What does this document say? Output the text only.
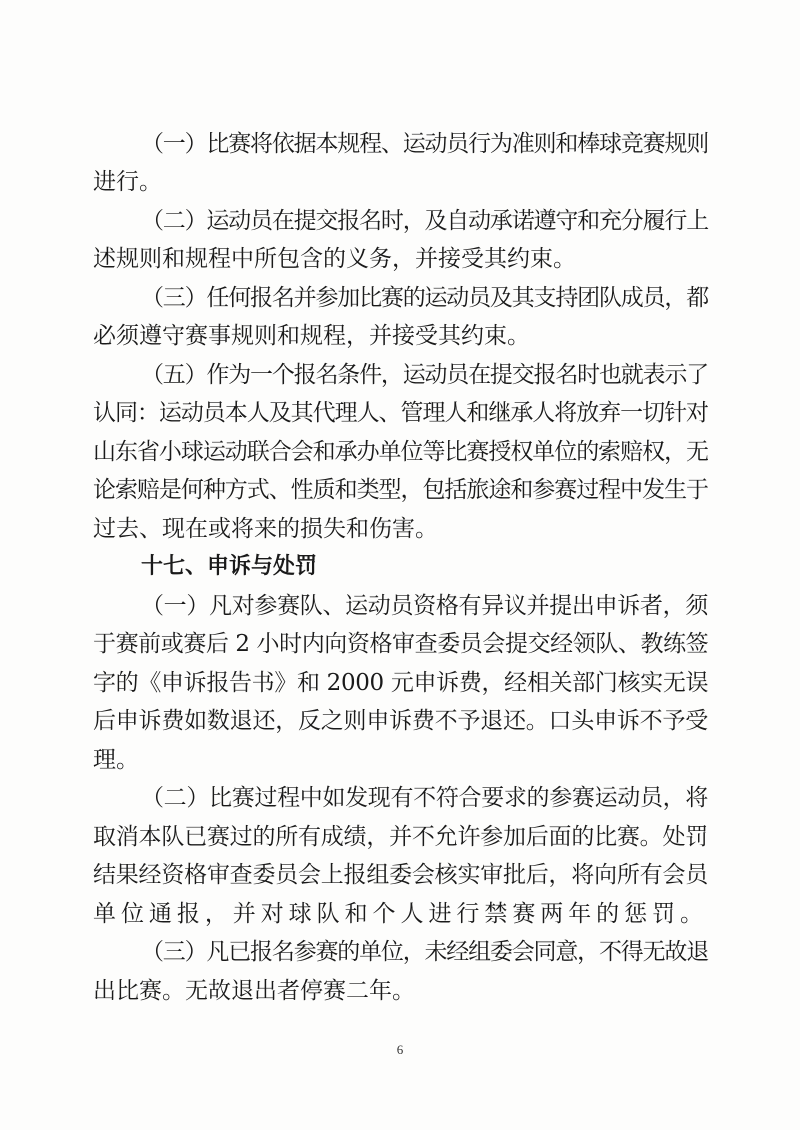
（一）比赛将依据本规程、运动员行为准则和棒球竞赛规则
进行。
（二）运动员在提交报名时，及自动承诺遵守和充分履行上
述规则和规程中所包含的义务，并接受其约束。
（三）任何报名并参加比赛的运动员及其支持团队成员，都
必须遵守赛事规则和规程，并接受其约束。
（五）作为一个报名条件，运动员在提交报名时也就表示了
认同：运动员本人及其代理人、管理人和继承人将放弃一切针对
山东省小球运动联合会和承办单位等比赛授权单位的索赔权，无
论索赔是何种方式、性质和类型，包括旅途和参赛过程中发生于
过去、现在或将来的损失和伤害。
十七、申诉与处罚
（一）凡对参赛队、运动员资格有异议并提出申诉者，须
于赛前或赛后 2 小时内向资格审查委员会提交经领队、教练签
字的《申诉报告书》和 2000 元申诉费，经相关部门核实无误
后申诉费如数退还，反之则申诉费不予退还。口头申诉不予受
理。
（二）比赛过程中如发现有不符合要求的参赛运动员，将
取消本队已赛过的所有成绩，并不允许参加后面的比赛。处罚
结果经资格审查委员会上报组委会核实审批后，将向所有会员
单位通报，并对球队和个人进行禁赛两年的惩罚。
（三）凡已报名参赛的单位，未经组委会同意，不得无故退
出比赛。无故退出者停赛二年。
6
